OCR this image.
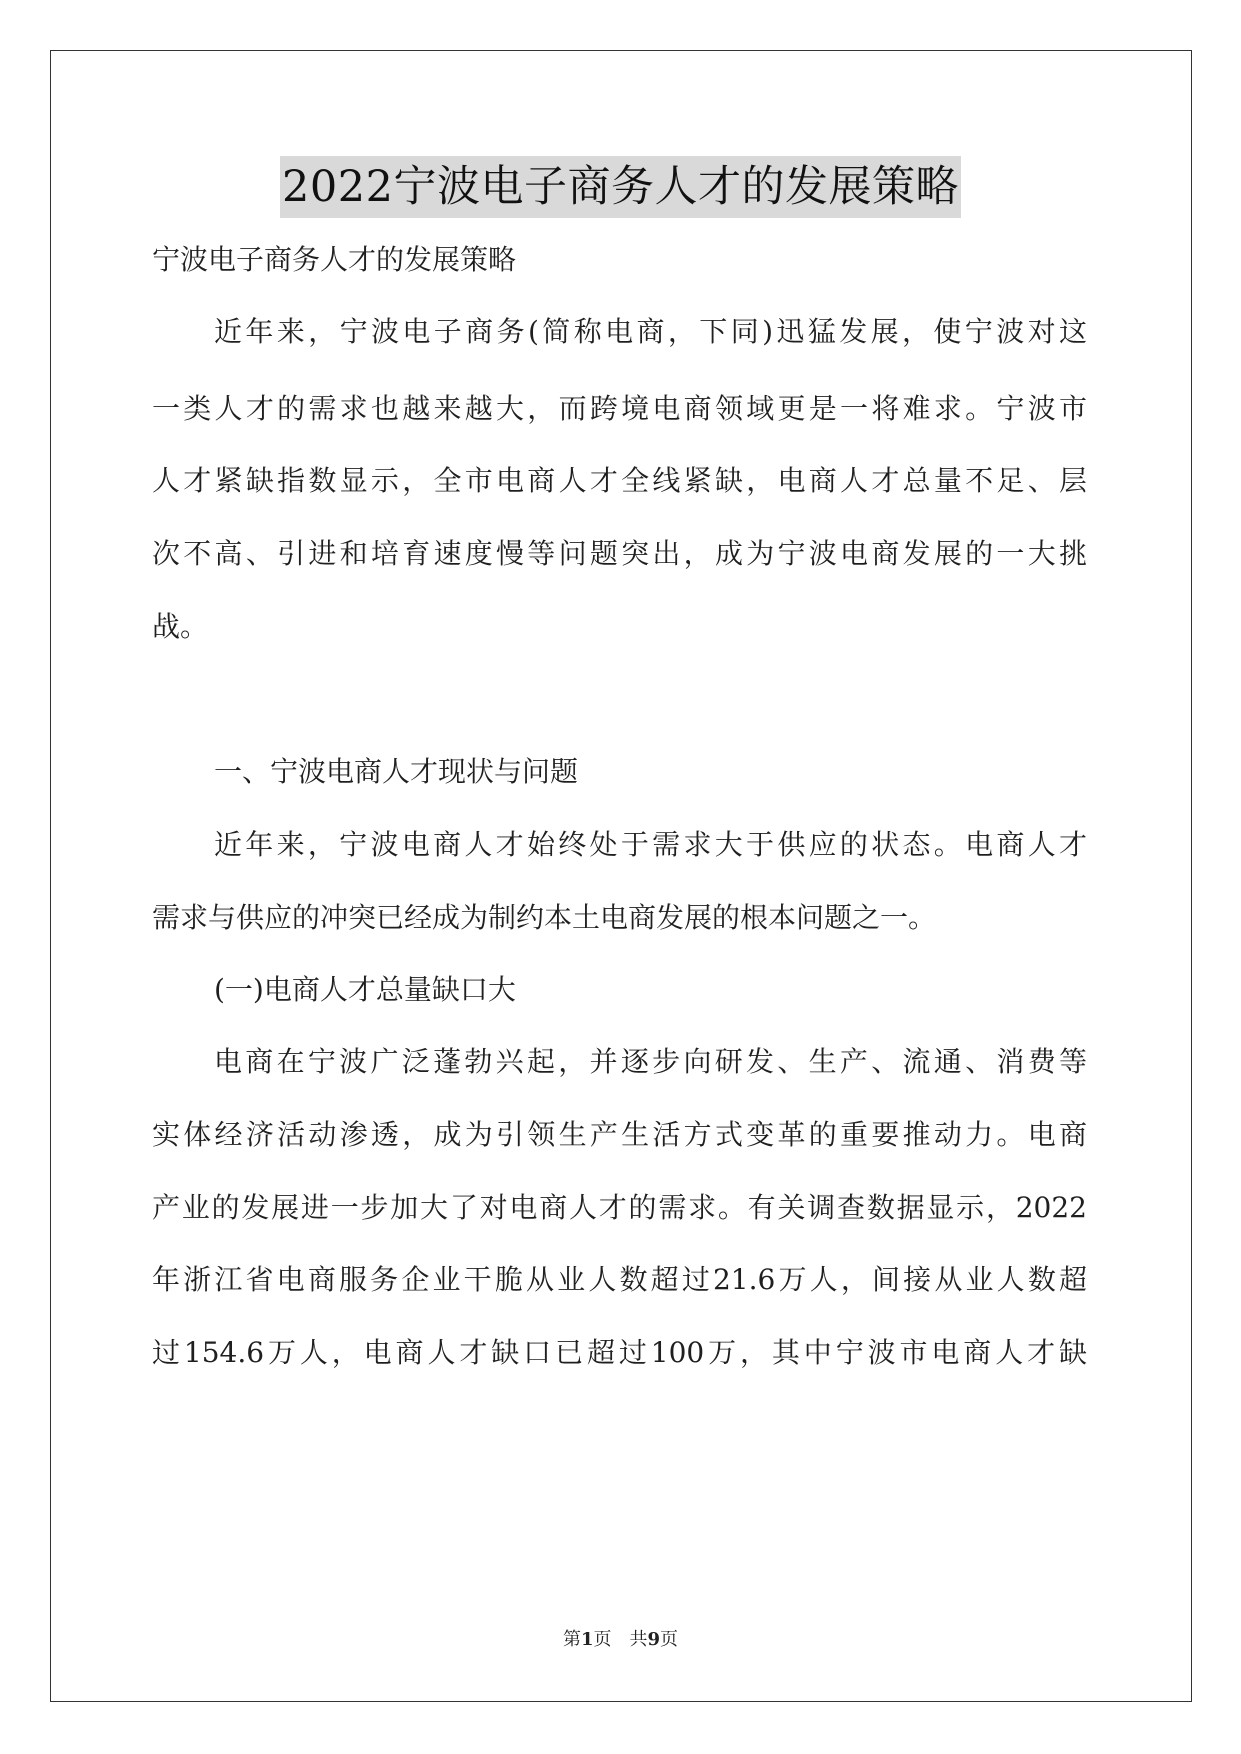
2022宁波电子商务人才的发展策略
宁波电子商务人才的发展策略
近年来，宁波电子商务(简称电商，下同)迅猛发展，使宁波对这
一类人才的需求也越来越大，而跨境电商领域更是一将难求。宁波市
人才紧缺指数显示，全市电商人才全线紧缺，电商人才总量不足、层
次不高、引进和培育速度慢等问题突出，成为宁波电商发展的一大挑
战。
一、宁波电商人才现状与问题
近年来，宁波电商人才始终处于需求大于供应的状态。电商人才
需求与供应的冲突已经成为制约本土电商发展的根本问题之一。
(一)电商人才总量缺口大
电商在宁波广泛蓬勃兴起，并逐步向研发、生产、流通、消费等
实体经济活动渗透，成为引领生产生活方式变革的重要推动力。电商
产业的发展进一步加大了对电商人才的需求。有关调查数据显示，2022
年浙江省电商服务企业干脆从业人数超过21.6万人，间接从业人数超
过154.6万人，电商人才缺口已超过100万，其中宁波市电商人才缺
第1页　共9页
